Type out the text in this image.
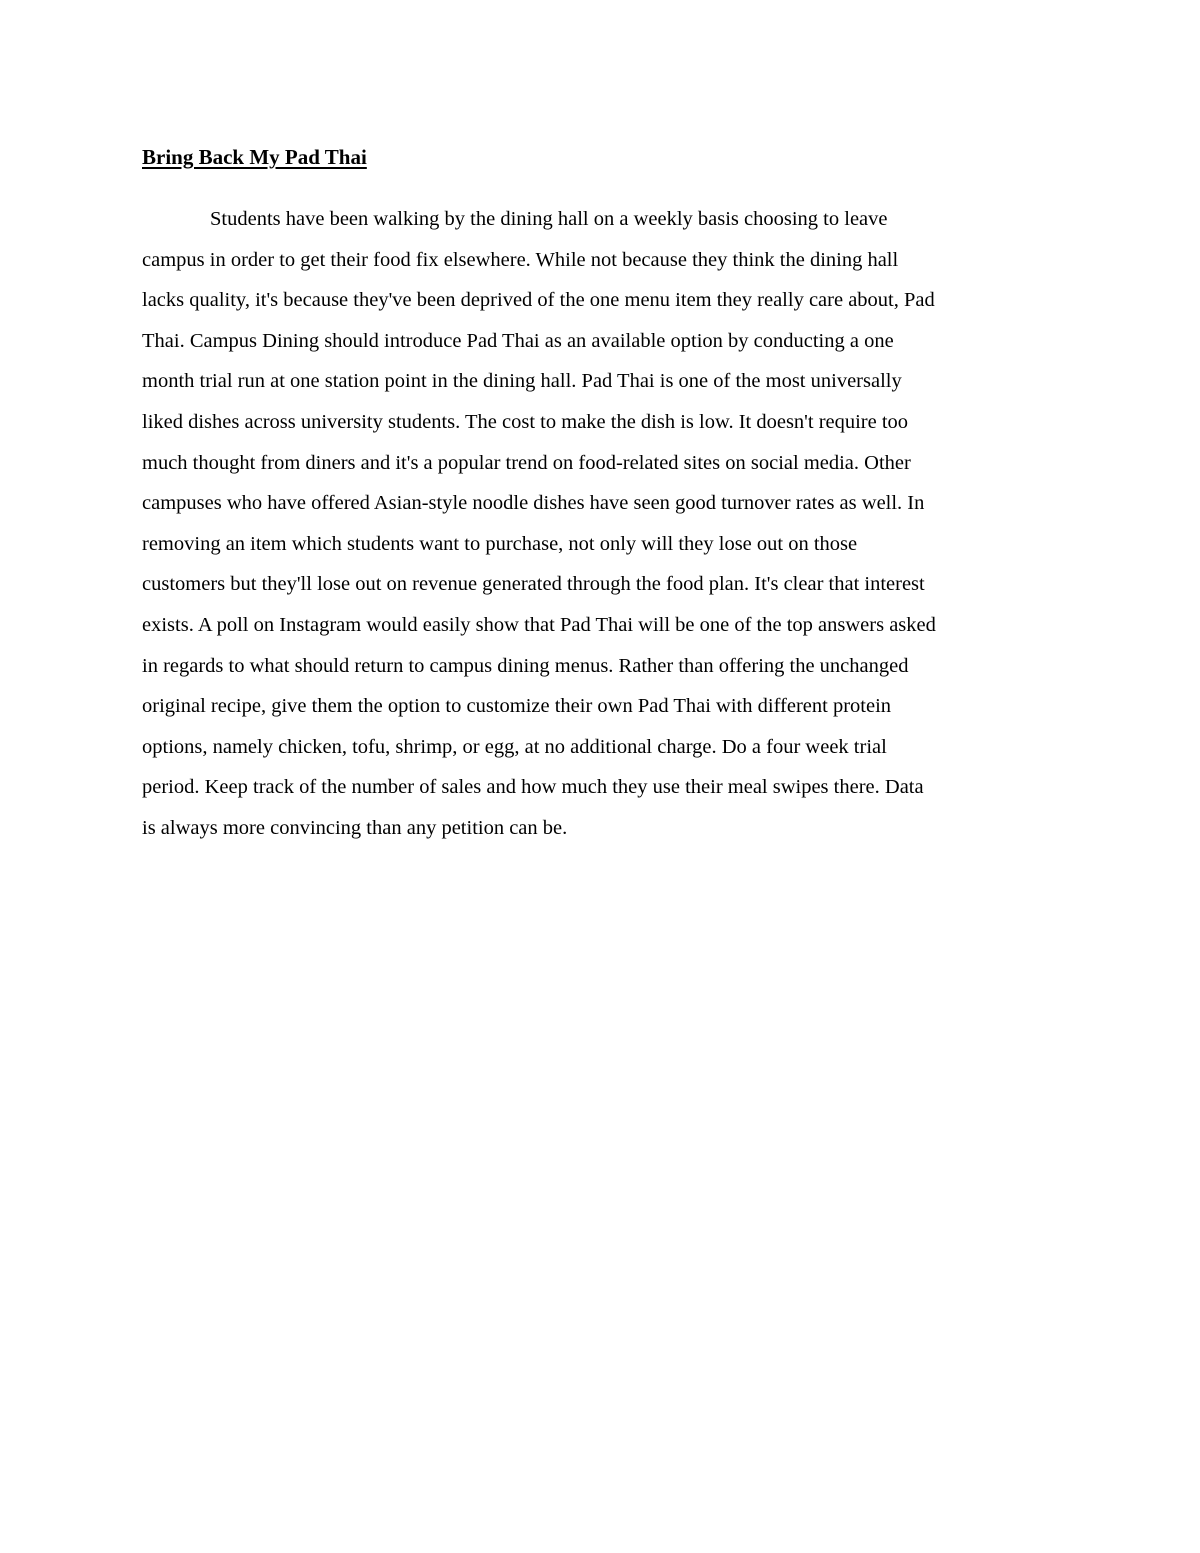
Bring Back My Pad Thai
Students have been walking by the dining hall on a weekly basis choosing to leave
campus in order to get their food fix elsewhere. While not because they think the dining hall
lacks quality, it's because they've been deprived of the one menu item they really care about, Pad
Thai. Campus Dining should introduce Pad Thai as an available option by conducting a one
month trial run at one station point in the dining hall. Pad Thai is one of the most universally
liked dishes across university students. The cost to make the dish is low. It doesn't require too
much thought from diners and it's a popular trend on food-related sites on social media. Other
campuses who have offered Asian-style noodle dishes have seen good turnover rates as well. In
removing an item which students want to purchase, not only will they lose out on those
customers but they'll lose out on revenue generated through the food plan. It's clear that interest
exists. A poll on Instagram would easily show that Pad Thai will be one of the top answers asked
in regards to what should return to campus dining menus. Rather than offering the unchanged
original recipe, give them the option to customize their own Pad Thai with different protein
options, namely chicken, tofu, shrimp, or egg, at no additional charge. Do a four week trial
period. Keep track of the number of sales and how much they use their meal swipes there. Data
is always more convincing than any petition can be.
